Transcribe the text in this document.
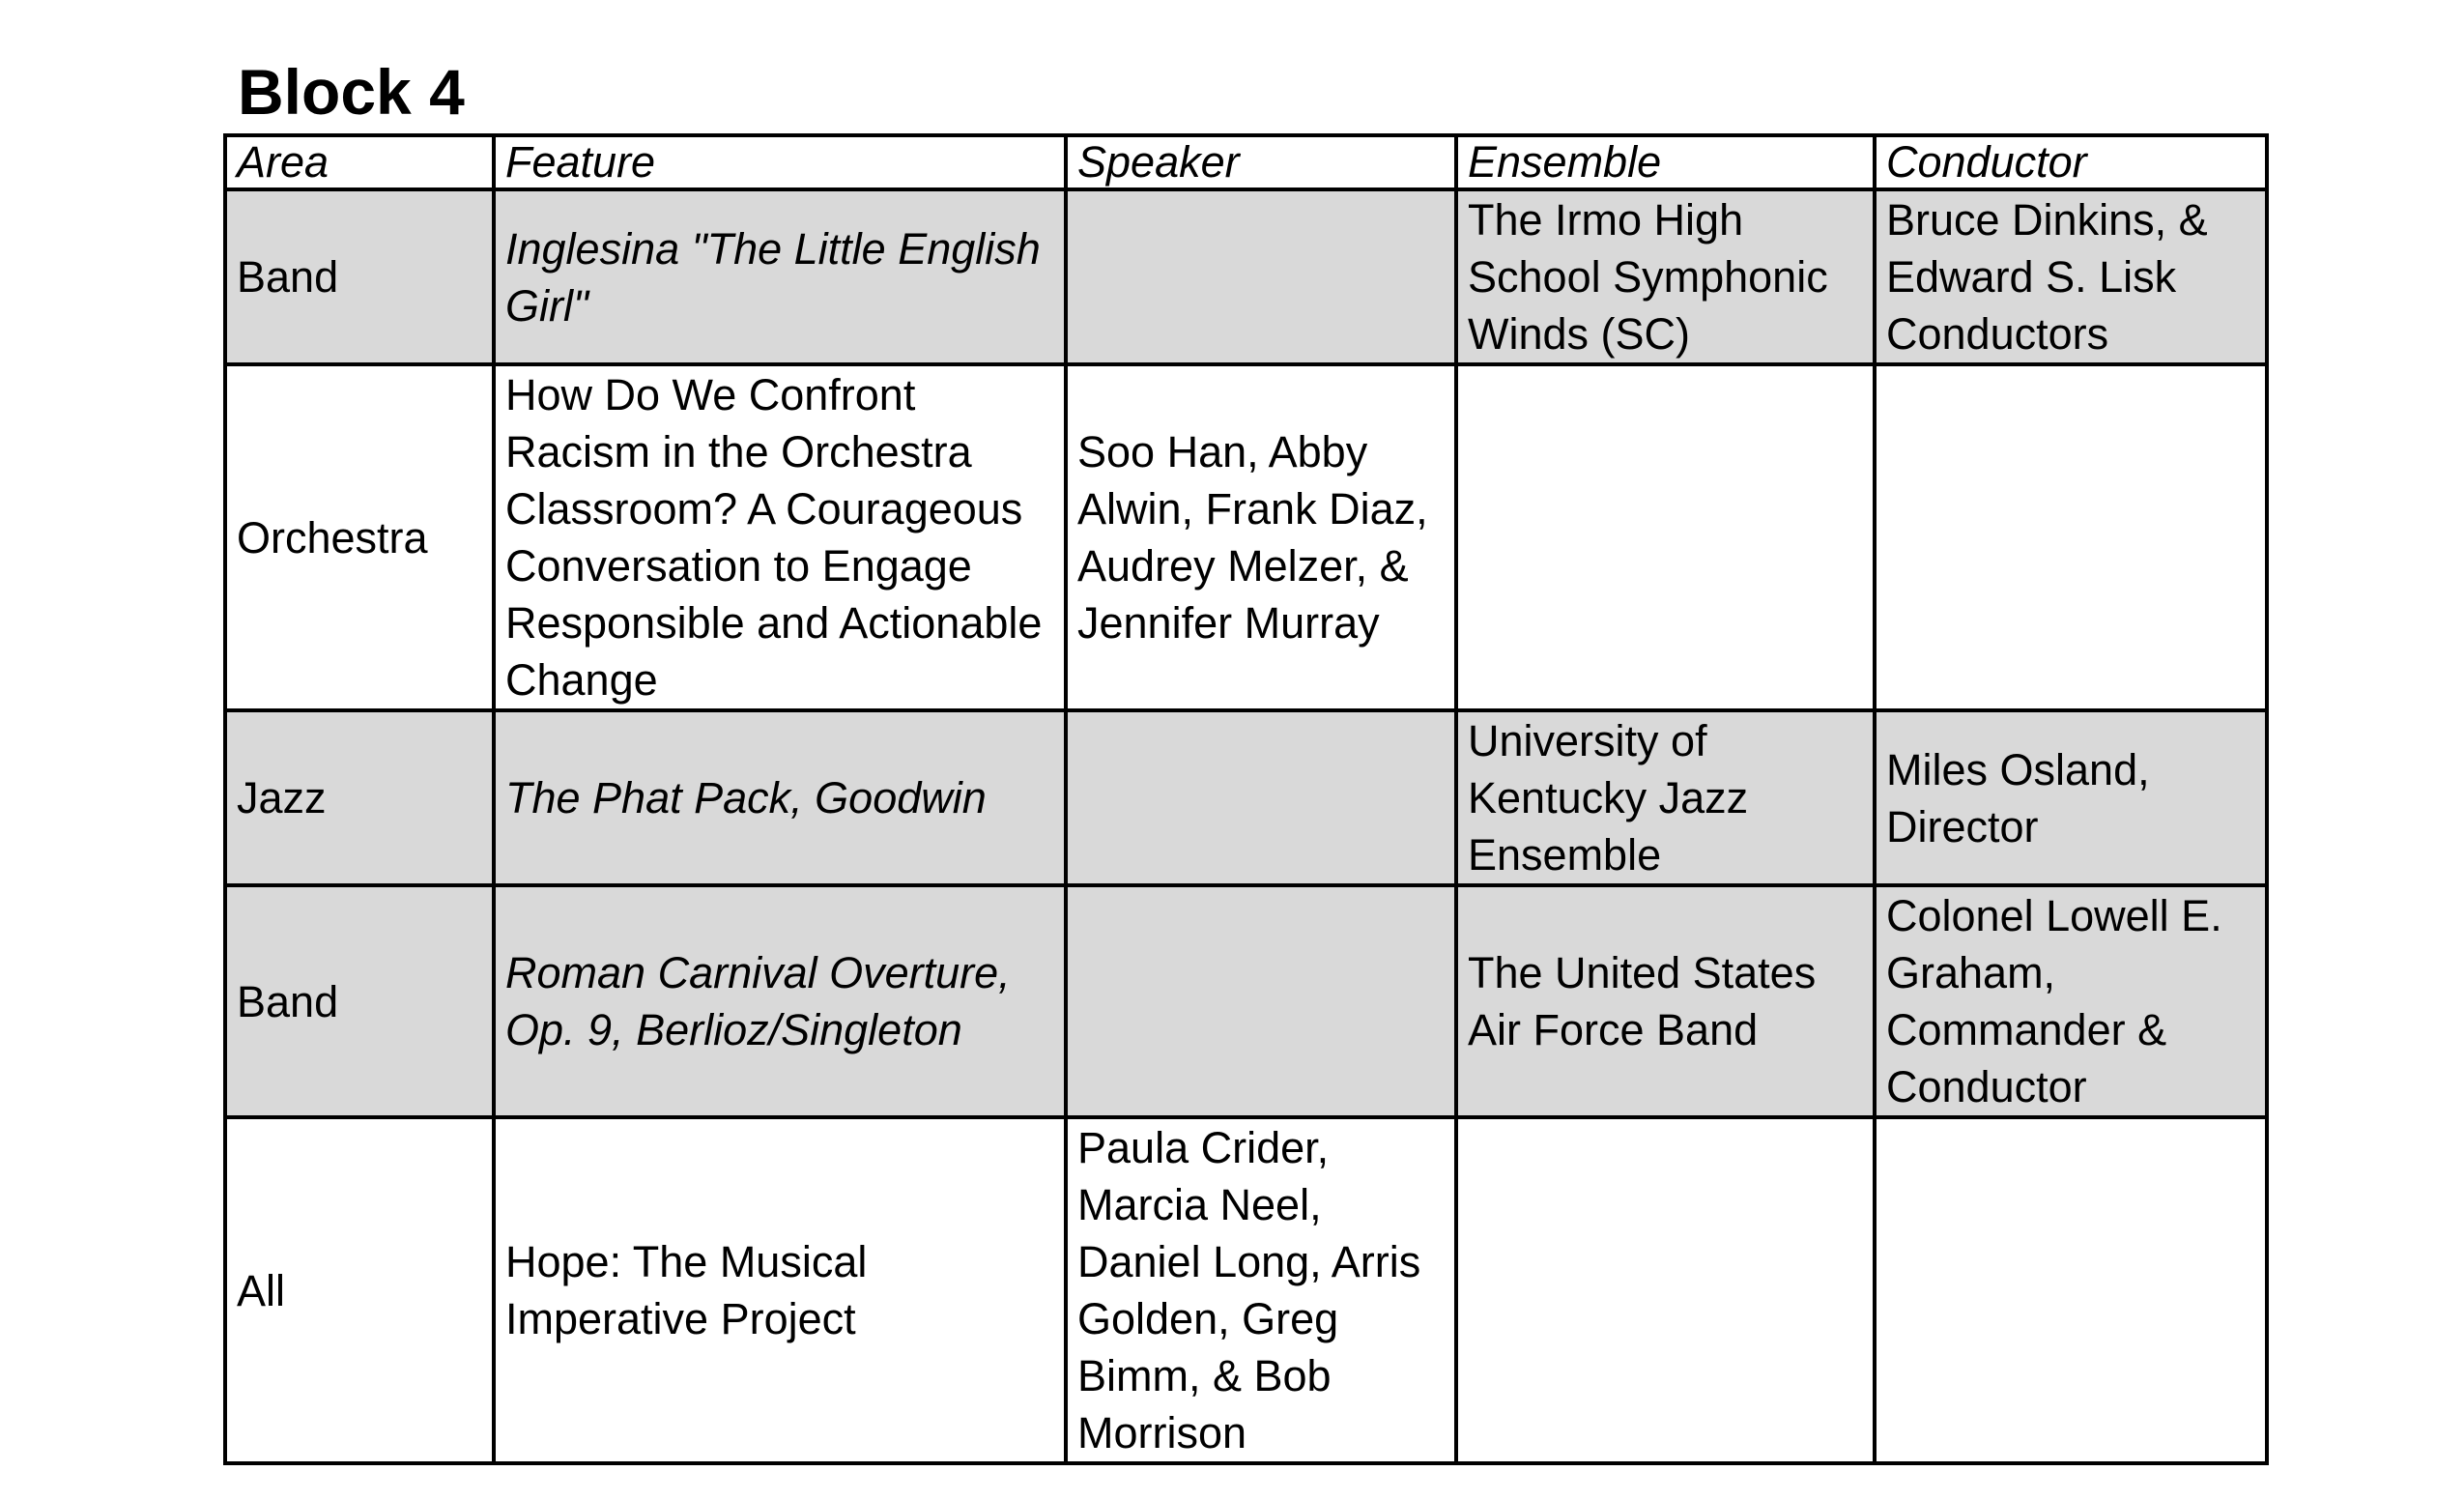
Block 4
Area	Feature	Speaker	Ensemble	Conductor
Band	Inglesina "The Little English Girl"		The Irmo High School Symphonic Winds (SC)	Bruce Dinkins, & Edward S. Lisk Conductors
Orchestra	How Do We Confront Racism in the Orchestra Classroom? A Courageous Conversation to Engage Responsible and Actionable Change	Soo Han, Abby Alwin, Frank Diaz, Audrey Melzer, & Jennifer Murray		
Jazz	The Phat Pack, Goodwin		University of Kentucky Jazz Ensemble	Miles Osland, Director
Band	Roman Carnival Overture, Op. 9, Berlioz/Singleton		The United States Air Force Band	Colonel Lowell E. Graham, Commander & Conductor
All	Hope: The Musical Imperative Project	Paula Crider, Marcia Neel, Daniel Long, Arris Golden, Greg Bimm, & Bob Morrison		
